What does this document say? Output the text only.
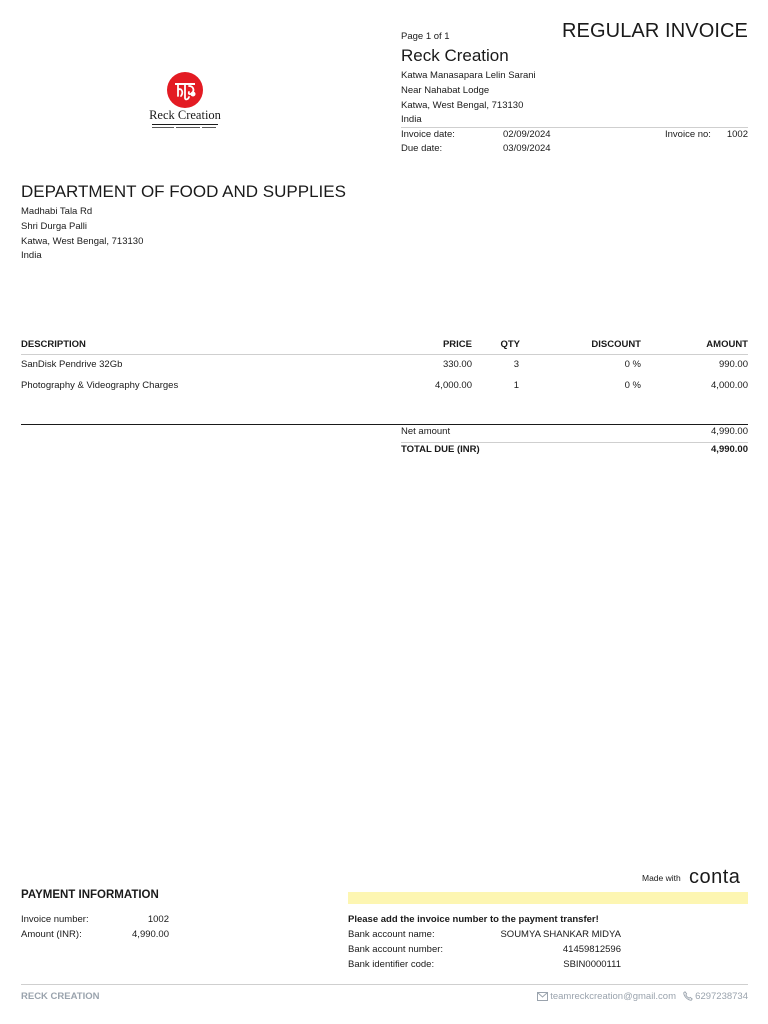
Reck Creation
Page 1 of 1	REGULAR INVOICE
Reck Creation
Katwa Manasapara Lelin Sarani
Near Nahabat Lodge
Katwa, West Bengal, 713130
India
Invoice date:	02/09/2024	Invoice no: 1002
Due date:	03/09/2024
DEPARTMENT OF FOOD AND SUPPLIES
Madhabi Tala Rd
Shri Durga Palli
Katwa, West Bengal, 713130
India
DESCRIPTION	PRICE	QTY	DISCOUNT	AMOUNT
SanDisk Pendrive 32Gb	330.00	3	0 %	990.00
Photography & Videography Charges	4,000.00	1	0 %	4,000.00
Net amount	4,990.00
TOTAL DUE (INR)	4,990.00
Made with conta
PAYMENT INFORMATION
Invoice number:	1002
Amount (INR):	4,990.00
Please add the invoice number to the payment transfer!
Bank account name:	SOUMYA SHANKAR MIDYA
Bank account number:	41459812596
Bank identifier code:	SBIN0000111
RECK CREATION	teamreckcreation@gmail.com	6297238734
